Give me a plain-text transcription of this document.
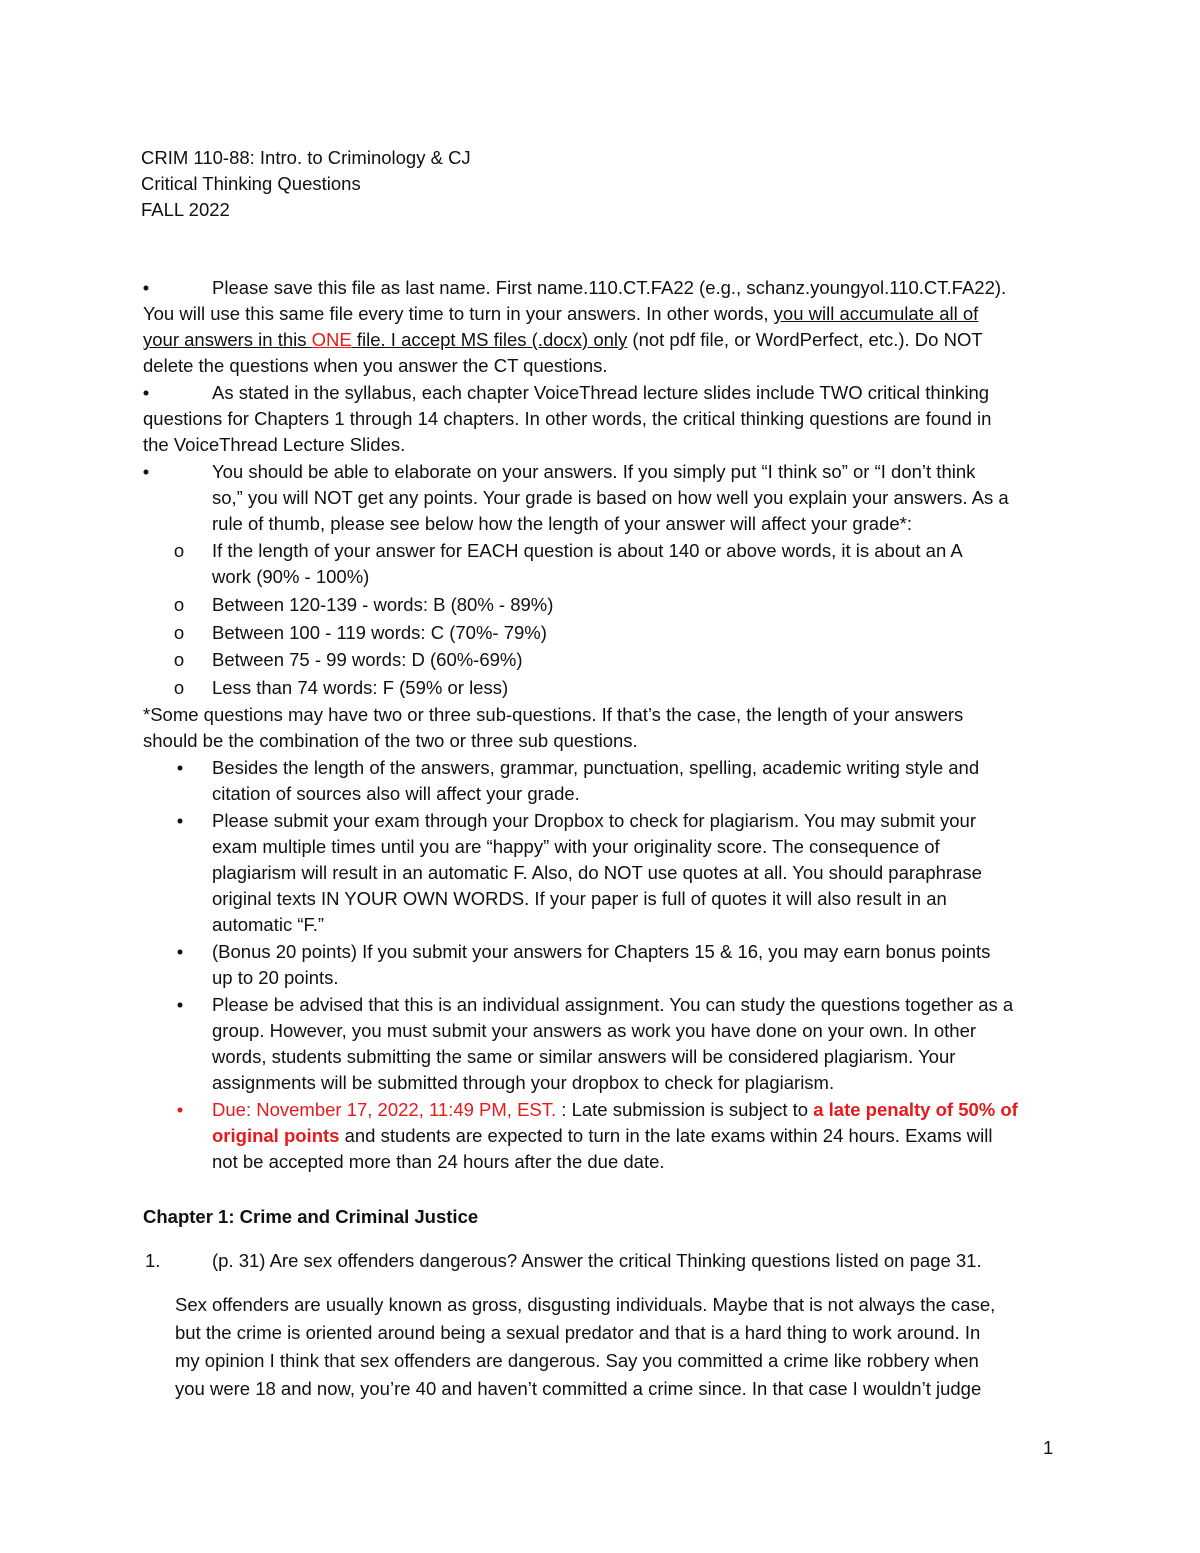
CRIM 110-88: Intro. to Criminology & CJ
Critical Thinking Questions
FALL 2022
•	Please save this file as last name. First name.110.CT.FA22 (e.g., schanz.youngyol.110.CT.FA22).
You will use this same file every time to turn in your answers. In other words, you will accumulate all of
your answers in this ONE file. I accept MS files (.docx) only (not pdf file, or WordPerfect, etc.). Do NOT
delete the questions when you answer the CT questions.
•	As stated in the syllabus, each chapter VoiceThread lecture slides include TWO critical thinking
questions for Chapters 1 through 14 chapters. In other words, the critical thinking questions are found in
the VoiceThread Lecture Slides.
•	You should be able to elaborate on your answers. If you simply put “I think so” or “I don’t think
so,” you will NOT get any points. Your grade is based on how well you explain your answers. As a
rule of thumb, please see below how the length of your answer will affect your grade*:
o If the length of your answer for EACH question is about 140 or above words, it is about an A
work (90% - 100%)
o Between 120-139 - words: B (80% - 89%)
o Between 100 - 119 words: C (70%- 79%)
o Between 75 - 99 words: D (60%-69%)
o Less than 74 words: F (59% or less)
*Some questions may have two or three sub-questions. If that’s the case, the length of your answers
should be the combination of the two or three sub questions.
•	Besides the length of the answers, grammar, punctuation, spelling, academic writing style and
citation of sources also will affect your grade.
•	Please submit your exam through your Dropbox to check for plagiarism. You may submit your
exam multiple times until you are “happy” with your originality score. The consequence of
plagiarism will result in an automatic F. Also, do NOT use quotes at all. You should paraphrase
original texts IN YOUR OWN WORDS. If your paper is full of quotes it will also result in an
automatic “F.”
•	(Bonus 20 points) If you submit your answers for Chapters 15 & 16, you may earn bonus points
up to 20 points.
•	Please be advised that this is an individual assignment. You can study the questions together as a
group. However, you must submit your answers as work you have done on your own. In other
words, students submitting the same or similar answers will be considered plagiarism. Your
assignments will be submitted through your dropbox to check for plagiarism.
•	Due: November 17, 2022, 11:49 PM, EST. : Late submission is subject to a late penalty of 50% of
original points and students are expected to turn in the late exams within 24 hours. Exams will
not be accepted more than 24 hours after the due date.
Chapter 1: Crime and Criminal Justice
1.	(p. 31) Are sex offenders dangerous? Answer the critical Thinking questions listed on page 31.
Sex offenders are usually known as gross, disgusting individuals. Maybe that is not always the case,
but the crime is oriented around being a sexual predator and that is a hard thing to work around. In
my opinion I think that sex offenders are dangerous. Say you committed a crime like robbery when
you were 18 and now, you’re 40 and haven’t committed a crime since. In that case I wouldn’t judge
1
